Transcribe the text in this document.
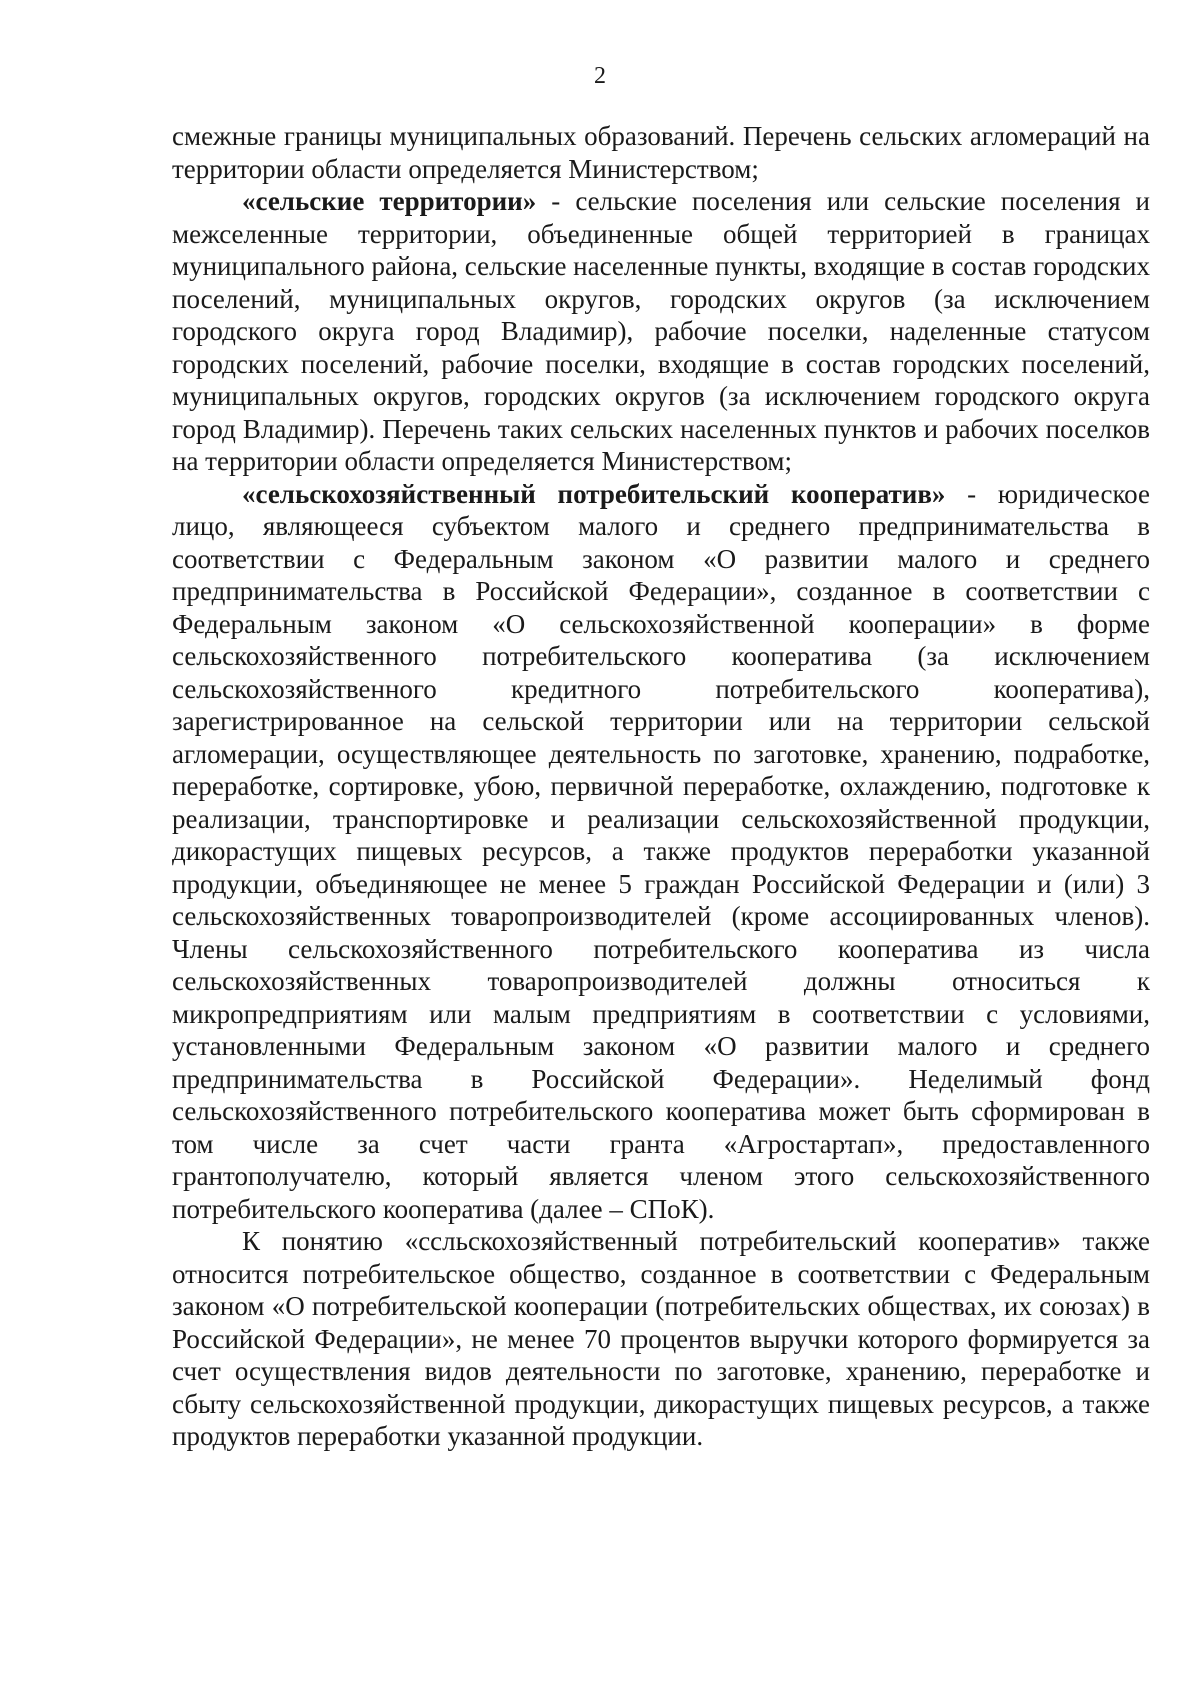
2

смежные границы муниципальных образований. Перечень сельских агломераций на территории области определяется Министерством;

«сельские территории» - сельские поселения или сельские поселения и межселенные территории, объединенные общей территорией в границах муниципального района, сельские населенные пункты, входящие в состав городских поселений, муниципальных округов, городских округов (за исключением городского округа город Владимир), рабочие поселки, наделенные статусом городских поселений, рабочие поселки, входящие в состав городских поселений, муниципальных округов, городских округов (за исключением городского округа город Владимир). Перечень таких сельских населенных пунктов и рабочих поселков на территории области определяется Министерством;

«сельскохозяйственный потребительский кооператив» - юридическое лицо, являющееся субъектом малого и среднего предпринимательства в соответствии с Федеральным законом «О развитии малого и среднего предпринимательства в Российской Федерации», созданное в соответствии с Федеральным законом «О сельскохозяйственной кооперации» в форме сельскохозяйственного потребительского кооператива (за исключением сельскохозяйственного кредитного потребительского кооператива), зарегистрированное на сельской территории или на территории сельской агломерации, осуществляющее деятельность по заготовке, хранению, подработке, переработке, сортировке, убою, первичной переработке, охлаждению, подготовке к реализации, транспортировке и реализации сельскохозяйственной продукции, дикорастущих пищевых ресурсов, а также продуктов переработки указанной продукции, объединяющее не менее 5 граждан Российской Федерации и (или) 3 сельскохозяйственных товаропроизводителей (кроме ассоциированных членов). Члены сельскохозяйственного потребительского кооператива из числа сельскохозяйственных товаропроизводителей должны относиться к микропредприятиям или малым предприятиям в соответствии с условиями, установленными Федеральным законом «О развитии малого и среднего предпринимательства в Российской Федерации». Неделимый фонд сельскохозяйственного потребительского кооператива может быть сформирован в том числе за счет части гранта «Агростартап», предоставленного грантополучателю, который является членом этого сельскохозяйственного потребительского кооператива (далее – СПоК).

К понятию «ссльскохозяйственный потребительский кооператив» также относится потребительское общество, созданное в соответствии с Федеральным законом «О потребительской кооперации (потребительских обществах, их союзах) в Российской Федерации», не менее 70 процентов выручки которого формируется за счет осуществления видов деятельности по заготовке, хранению, переработке и сбыту сельскохозяйственной продукции, дикорастущих пищевых ресурсов, а также продуктов переработки указанной продукции.
